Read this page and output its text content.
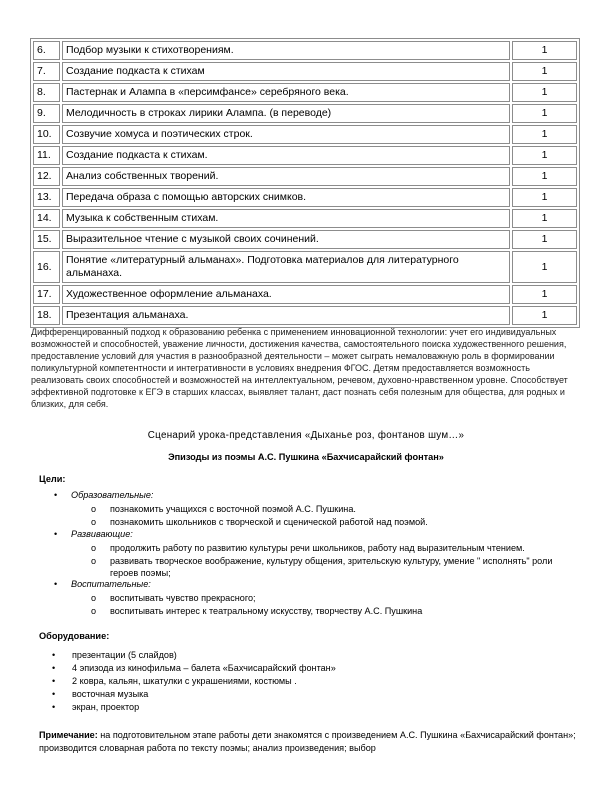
6.	Подбор музыки к стихотворениям.	1
7.	Создание подкаста к стихам	1
8.	Пастернак и Алампа в «персимфансе» серебряного века.	1
9.	Мелодичность в строках лирики Алампа. (в переводе)	1
10.	Созвучие хомуса и поэтических строк.	1
11.	Создание подкаста к стихам.	1
12.	Анализ собственных творений.	1
13.	Передача образа с помощью авторских снимков.	1
14.	Музыка к собственным стихам.	1
15.	Выразительное чтение с музыкой своих сочинений.	1
16.	Понятие «литературный альманах». Подготовка материалов для литературного альманаха.	1
17.	Художественное оформление альманаха.	1
18.	Презентация альманаха.	1

Дифференцированный подход к образованию ребенка с применением инновационной технологии: учет его индивидуальных возможностей и способностей, уважение личности, достижения качества, самостоятельного поиска художественного решения, предоставление условий для участия в разнообразной деятельности – может сыграть немаловажную роль в формировании поликультурной компетентности и интегративности в условиях внедрения ФГОС. Детям предоставляется возможность реализовать своих способностей и возможностей на интеллектуальном, речевом, духовно-нравственном уровне. Способствует эффективной подготовке к ЕГЭ в старших классах, выявляет талант, даст познать себя полезным для общества, для родных и близких, для себя.

Сценарий урока-представления «Дыханье роз, фонтанов шум…»

Эпизоды из поэмы А.С. Пушкина «Бахчисарайский фонтан»

Цели:

• Образовательные:
o познакомить учащихся с восточной поэмой А.С. Пушкина.
o познакомить школьников с творческой и сценической работой над поэмой.
• Развивающие:
o продолжить работу по развитию культуры речи школьников, работу над выразительным чтением.
o развивать творческое воображение, культуру общения, зрительскую культуру, умение " исполнять" роли героев поэмы;
• Воспитательные:
o воспитывать чувство прекрасного;
o воспитывать интерес к театральному искусству, творчеству А.С. Пушкина

Оборудование:

• презентации (5 слайдов)
• 4 эпизода из кинофильма – балета «Бахчисарайский фонтан»
• 2 ковра, кальян, шкатулки с украшениями, костюмы .
• восточная музыка
• экран, проектор

Примечание: на подготовительном этапе работы дети знакомятся с произведением А.С. Пушкина «Бахчисарайский фонтан»; производится словарная работа по тексту поэмы; анализ произведения; выбор
